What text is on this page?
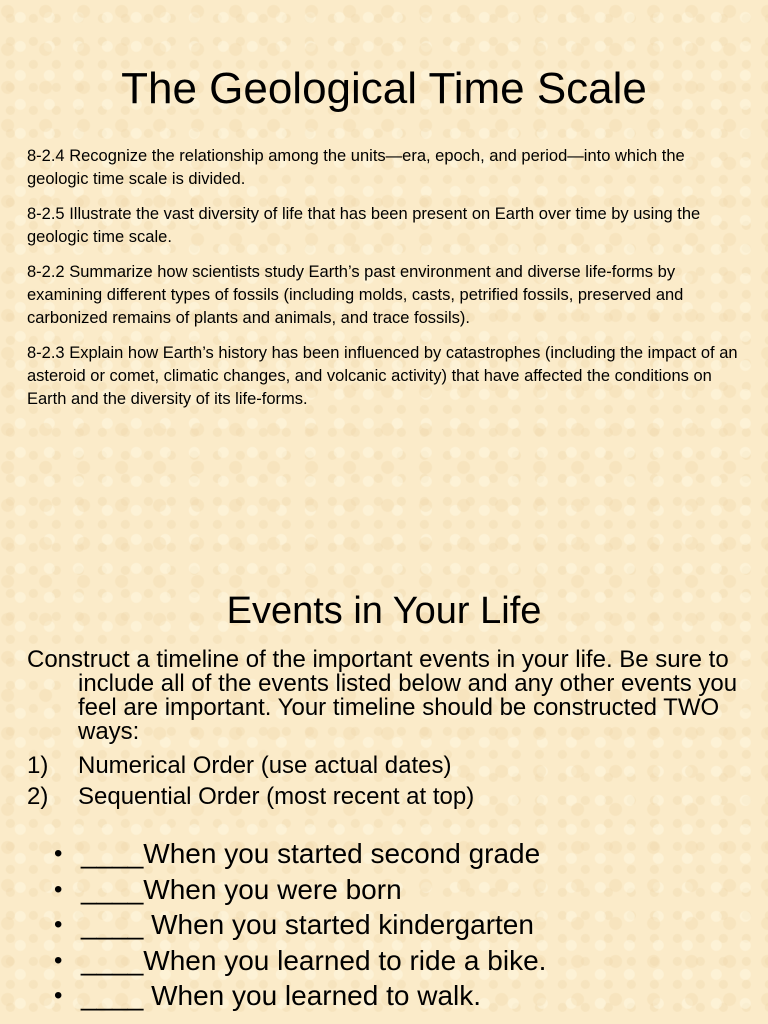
The Geological Time Scale

8-2.4 Recognize the relationship among the units—era, epoch, and period—into which the geologic time scale is divided.

8-2.5 Illustrate the vast diversity of life that has been present on Earth over time by using the geologic time scale.

8-2.2 Summarize how scientists study Earth’s past environment and diverse life-forms by examining different types of fossils (including molds, casts, petrified fossils, preserved and carbonized remains of plants and animals, and trace fossils).

8-2.3 Explain how Earth’s history has been influenced by catastrophes (including the impact of an asteroid or comet, climatic changes, and volcanic activity) that have affected the conditions on Earth and the diversity of its life-forms.

Events in Your Life

Construct a timeline of the important events in your life. Be sure to include all of the events listed below and any other events you feel are important. Your timeline should be constructed TWO ways:

1)	Numerical Order (use actual dates)
2)	Sequential Order (most recent at top)
• ____When you started second grade
• ____When you were born
• ____ When you started kindergarten
• ____When you learned to ride a bike.
• ____ When you learned to walk.
